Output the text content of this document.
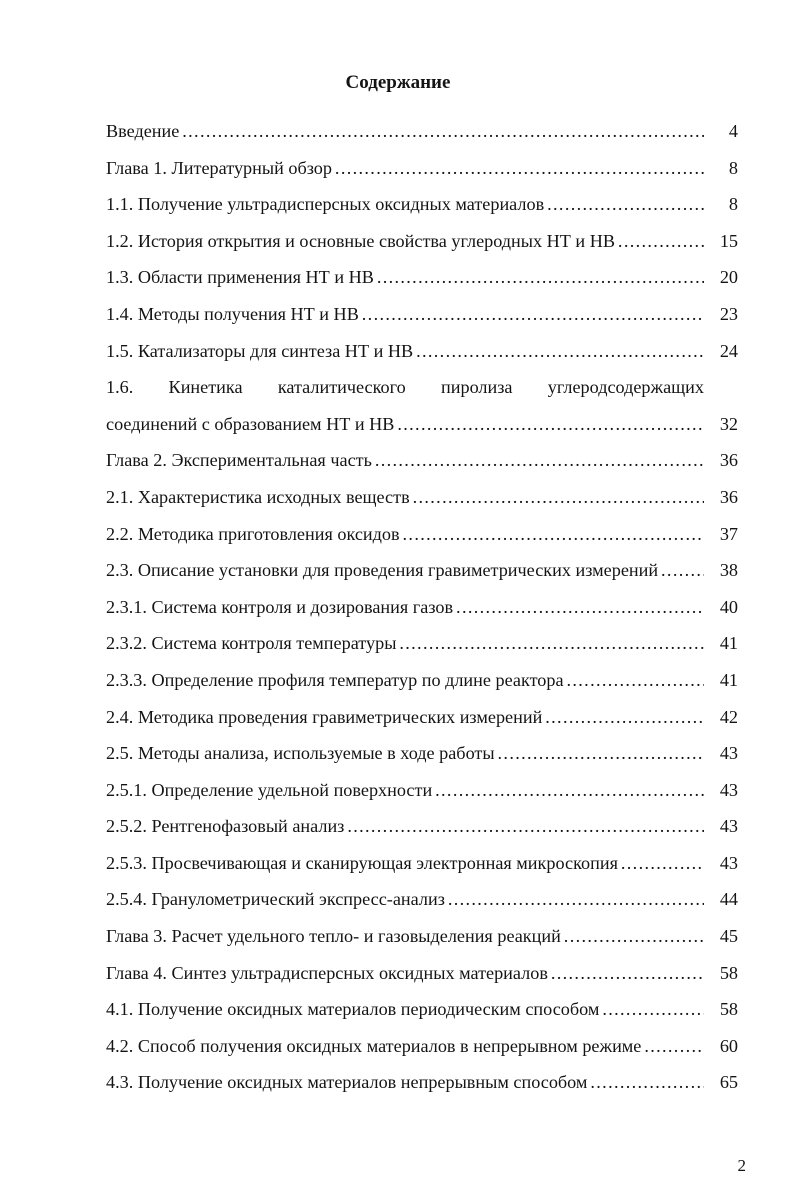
Содержание
Введение . . .	4
Глава 1. Литературный обзор . . .	8
1.1. Получение ультрадисперсных оксидных материалов . . .	8
1.2. История открытия и основные свойства углеродных НТ и НВ . . .	15
1.3. Области применения НТ и НВ . . .	20
1.4. Методы получения НТ и НВ . . .	23
1.5. Катализаторы для синтеза НТ и НВ . . .	24
1.6. Кинетика каталитического пиролиза углеродсодержащих
соединений с образованием НТ и НВ . . .	32
Глава 2. Экспериментальная часть . . .	36
2.1. Характеристика исходных веществ . . .	36
2.2. Методика приготовления оксидов . . .	37
2.3. Описание установки для проведения гравиметрических измерений . . .	38
2.3.1. Система контроля и дозирования газов . . .	40
2.3.2. Система контроля температуры . . .	41
2.3.3. Определение профиля температур по длине реактора . . .	41
2.4. Методика проведения гравиметрических измерений . . .	42
2.5. Методы анализа, используемые в ходе работы . . .	43
2.5.1. Определение удельной поверхности . . .	43
2.5.2. Рентгенофазовый анализ . . .	43
2.5.3. Просвечивающая и сканирующая электронная микроскопия . . .	43
2.5.4. Гранулометрический экспресс-анализ . . .	44
Глава 3. Расчет удельного тепло- и газовыделения реакций . . .	45
Глава 4. Синтез ультрадисперсных оксидных материалов . . .	58
4.1. Получение оксидных материалов периодическим способом . . .	58
4.2. Способ получения оксидных материалов в непрерывном режиме . . .	60
4.3. Получение оксидных материалов непрерывным способом . . .	65
2
